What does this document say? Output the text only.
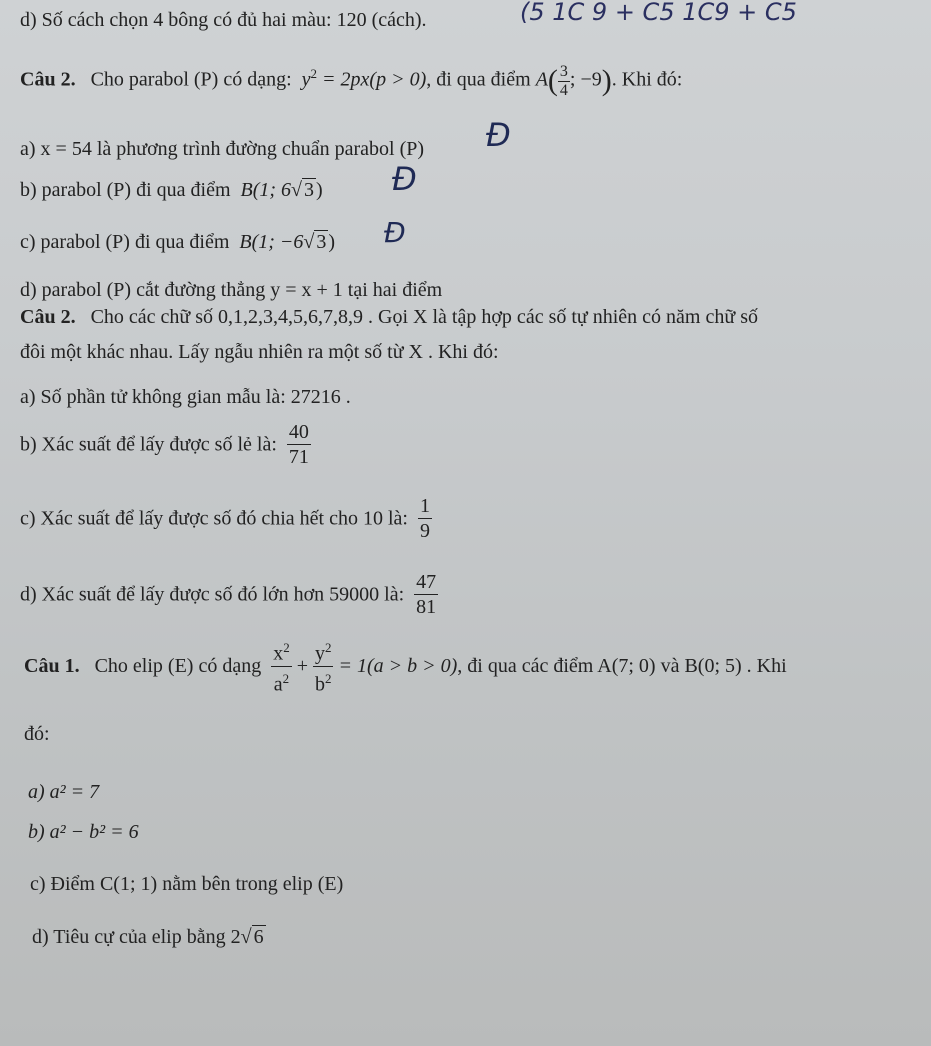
d) Số cách chọn 4 bông có đủ hai màu: 120 (cách).	(5 1C 9 + C5 1C9 + C5
Câu 2. Cho parabol (P) có dạng: $y^2 = 2px(p > 0)$, đi qua điểm $A( \frac{3}{4}$ ; −9). Khi đó:
a) x = 54 là phương trình đường chuẩn parabol (P) Đ
b) parabol (P) đi qua điểm B(1; 6√ 3 ) Đ
c) parabol (P) đi qua điểm B(1; −6√ 3 ) Đ
d) parabol (P) cắt đường thẳng y = x + 1 tại hai điểm
Câu 2. Cho các chữ số 0,1,2,3,4,5,6,7,8,9 . Gọi X là tập hợp các số tự nhiên có năm chữ số
đôi một khác nhau. Lấy ngẫu nhiên ra một số từ X . Khi đó:
a) Số phần tử không gian mẫu là: 27216 .
b) Xác suất để lấy được số lẻ là: $\frac{40}{71}$
c) Xác suất để lấy được số đó chia hết cho 10 là: $\frac{1}{9}$
d) Xác suất để lấy được số đó lớn hơn 59000 là: $\frac{47}{81}$
Câu 1. Cho elip (E) có dạng $\frac{x^2}{a^2} + \frac{y^2}{b^2} = 1(a > b > 0)$, đi qua các điểm A(7; 0) và B(0; 5) . Khi
đó:
a) a² = 7
b) a² − b² = 6
c) Điểm C(1; 1) nằm bên trong elip (E)
d) Tiêu cự của elip bằng 2√ 6
